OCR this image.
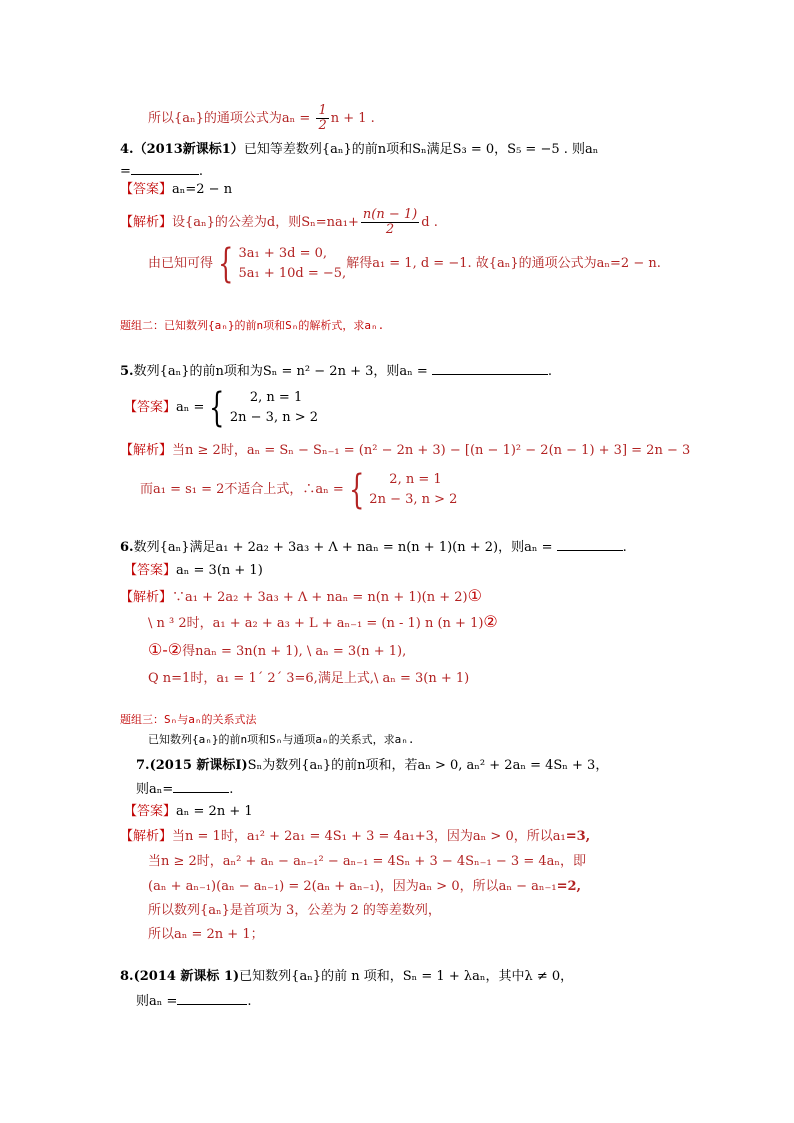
所以{aₙ}的通项公式为$a_n = \frac{1}{2}$ n + 1 .
4.（2013新课标1）已知等差数列{aₙ}的前n项和Sₙ满足S₃ = 0，S₅ = −5 . 则aₙ
=	.
【答案】aₙ=2 − n
【解析】设{aₙ}的公差为d，则$S_n=na_1+ \frac{n(n - 1)}{2}$ d .
由已知可得 { 3a₁ + 3d = 0,
5a₁ + 10d = −5,
解得a₁ = 1, d = −1. 故{aₙ}的通项公式为aₙ=2 − n.
题组二：已知数列{aₙ}的前n项和Sₙ的解析式，求aₙ.
5.数列{aₙ}的前n项和为Sₙ = n² − 2n + 3，则aₙ =	.
【答案】 aₙ = {	2, n = 1
2n − 3, n > 2
【解析】当n ≥ 2时，aₙ = Sₙ − Sₙ₋₁ = (n² − 2n + 3) − [(n − 1)² − 2(n − 1) + 3] = 2n − 3
而a₁ = s₁ = 2不适合上式，∴aₙ = {	2, n = 1
2n − 3, n > 2
6.数列{aₙ}满足a₁ + 2a₂ + 3a₃ + Λ + naₙ = n(n + 1)(n + 2)，则aₙ =	.
【答案】aₙ = 3(n + 1)
【解析】∵a₁ + 2a₂ + 3a₃ + Λ + naₙ = n(n + 1)(n + 2)①
\ n ³ 2时，a₁ + a₂ + a₃ + L + aₙ₋₁ = (n - 1) n (n + 1)②
①-②得naₙ = 3n(n + 1), \ aₙ = 3(n + 1),
Q n=1时，a₁ = 1´ 2´ 3=6,满足上式,\ aₙ = 3(n + 1)
题组三：Sₙ与aₙ的关系式法
已知数列{aₙ}的前n项和Sₙ与通项aₙ的关系式，求aₙ.
7.(2015 新课标Ⅰ)Sₙ为数列{aₙ}的前n项和，若aₙ > 0, aₙ² + 2aₙ = 4Sₙ + 3，
则aₙ=	.
【答案】aₙ = 2n + 1
【解析】当n = 1时，a₁² + 2a₁ = 4S₁ + 3 = 4a₁+3，因为aₙ > 0，所以a₁=3,
当n ≥ 2时，aₙ² + aₙ − aₙ₋₁² − aₙ₋₁ = 4Sₙ + 3 − 4Sₙ₋₁ − 3 = 4aₙ，即
(aₙ + aₙ₋₁)(aₙ − aₙ₋₁) = 2(aₙ + aₙ₋₁)，因为aₙ > 0，所以aₙ − aₙ₋₁=2,
所以数列{aₙ}是首项为 3，公差为 2 的等差数列，
所以aₙ = 2n + 1；
8.(2014 新课标 1)已知数列{aₙ}的前 n 项和，Sₙ = 1 + λaₙ，其中λ ≠ 0，
则aₙ =	.
